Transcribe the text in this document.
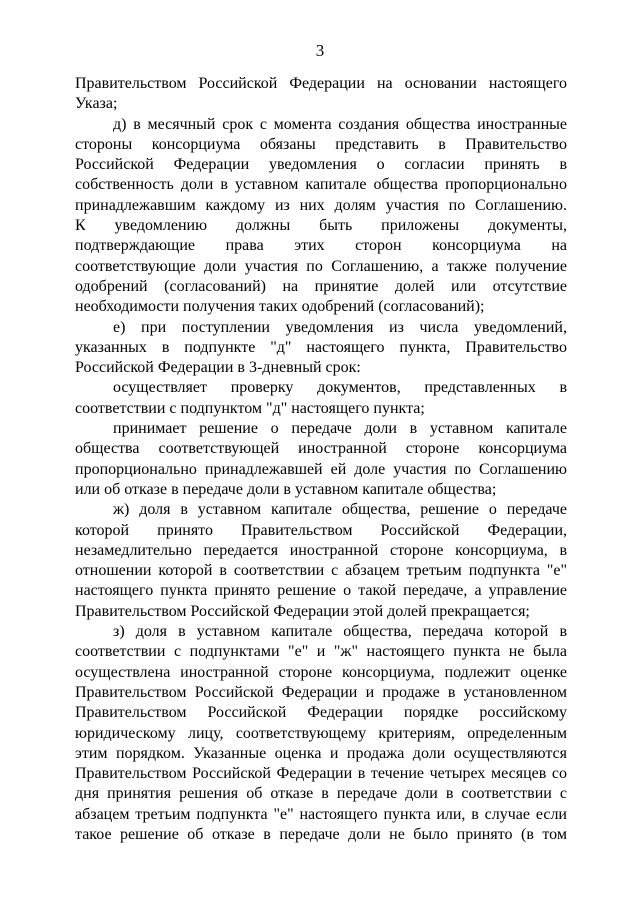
3
Правительством Российской Федерации на основании настоящего
Указа;
д) в месячный срок с момента создания общества иностранные
стороны консорциума обязаны представить в Правительство
Российской Федерации уведомления о согласии принять в
собственность доли в уставном капитале общества пропорционально
принадлежавшим каждому из них долям участия по Соглашению.
К уведомлению должны быть приложены документы,
подтверждающие права этих сторон консорциума на
соответствующие доли участия по Соглашению, а также получение
одобрений (согласований) на принятие долей или отсутствие
необходимости получения таких одобрений (согласований);
е) при поступлении уведомления из числа уведомлений,
указанных в подпункте "д" настоящего пункта, Правительство
Российской Федерации в 3-дневный срок:
осуществляет проверку документов, представленных в
соответствии с подпунктом "д" настоящего пункта;
принимает решение о передаче доли в уставном капитале
общества соответствующей иностранной стороне консорциума
пропорционально принадлежавшей ей доле участия по Соглашению
или об отказе в передаче доли в уставном капитале общества;
ж) доля в уставном капитале общества, решение о передаче
которой принято Правительством Российской Федерации,
незамедлительно передается иностранной стороне консорциума, в
отношении которой в соответствии с абзацем третьим подпункта "е"
настоящего пункта принято решение о такой передаче, а управление
Правительством Российской Федерации этой долей прекращается;
з) доля в уставном капитале общества, передача которой в
соответствии с подпунктами "е" и "ж" настоящего пункта не была
осуществлена иностранной стороне консорциума, подлежит оценке
Правительством Российской Федерации и продаже в установленном
Правительством Российской Федерации порядке российскому
юридическому лицу, соответствующему критериям, определенным
этим порядком. Указанные оценка и продажа доли осуществляются
Правительством Российской Федерации в течение четырех месяцев со
дня принятия решения об отказе в передаче доли в соответствии с
абзацем третьим подпункта "е" настоящего пункта или, в случае если
такое решение об отказе в передаче доли не было принято (в том
